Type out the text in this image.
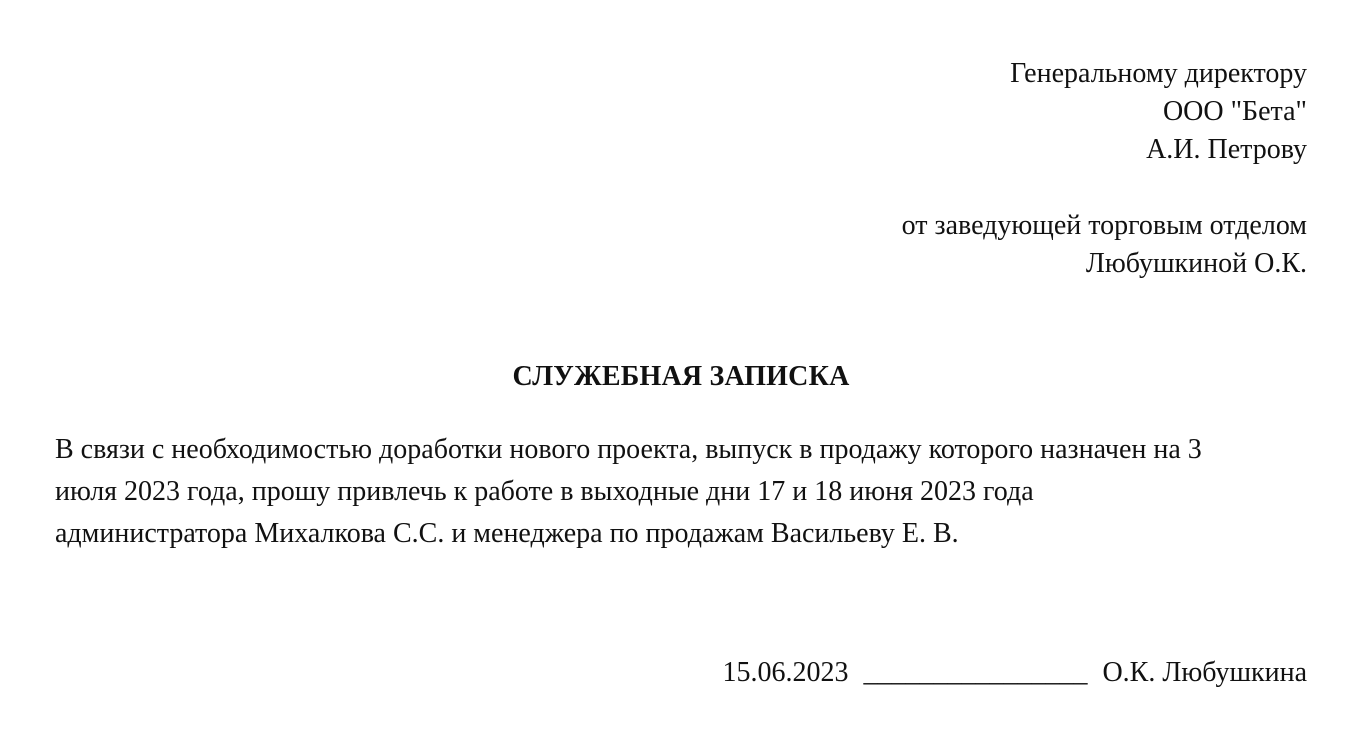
Генеральному директору
ООО "Бета"
А.И. Петрову
от заведующей торговым отделом
Любушкиной О.К.
СЛУЖЕБНАЯ ЗАПИСКА
В связи с необходимостью доработки нового проекта, выпуск в продажу которого назначен на 3
июля 2023 года, прошу привлечь к работе в выходные дни 17 и 18 июня 2023 года
администратора Михалкова С.С. и менеджера по продажам Васильеву Е. В.
15.06.2023 ________________ О.К. Любушкина
